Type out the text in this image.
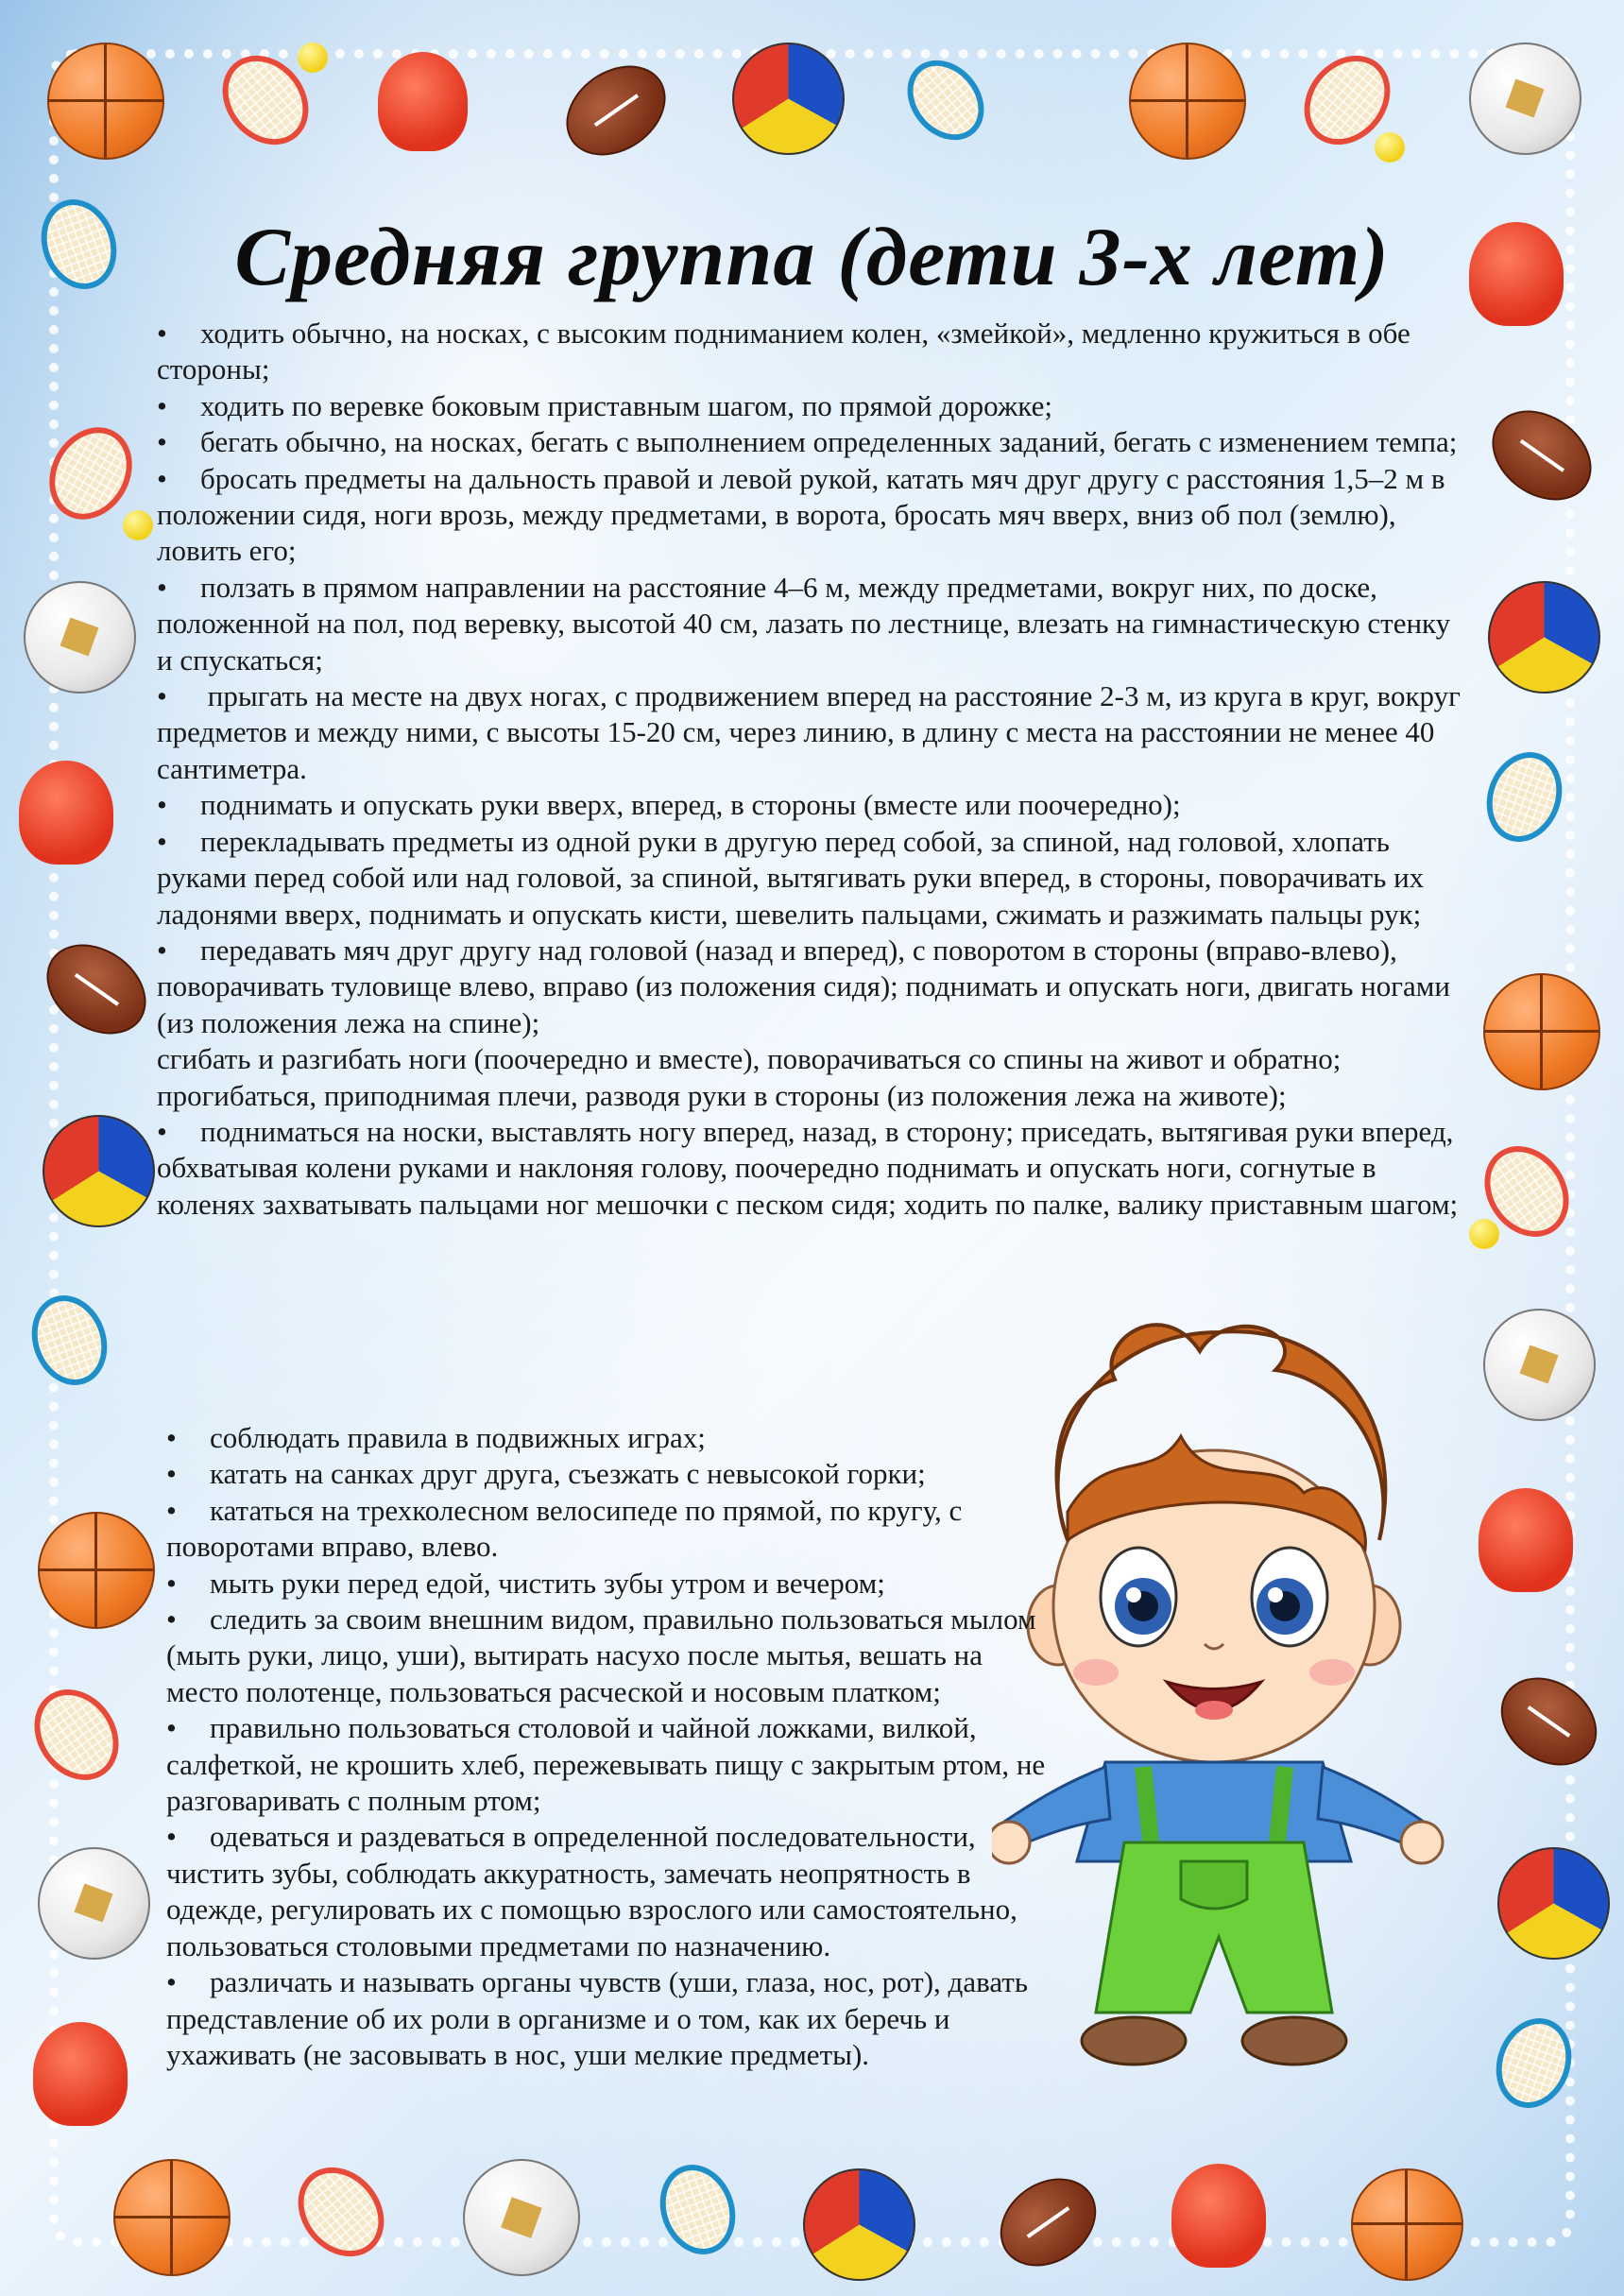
Средняя группа (дети 3-х лет)

• ходить обычно, на носках, с высоким подниманием колен, «змейкой», медленно кружиться в обе стороны;

• ходить по веревке боковым приставным шагом, по прямой дорожке;

• бегать обычно, на носках, бегать с выполнением определенных заданий, бегать с изменением темпа;

• бросать предметы на дальность правой и левой рукой, катать мяч друг другу с расстояния 1,5–2 м в положении сидя, ноги врозь, между предметами, в ворота, бросать мяч вверх, вниз об пол (землю), ловить его;

• ползать в прямом направлении на расстояние 4–6 м, между предметами, вокруг них, по доске, положенной на пол, под веревку, высотой 40 см, лазать по лестнице, влезать на гимнастическую стенку и спускаться;

• прыгать на месте на двух ногах, с продвижением вперед на расстояние 2-3 м, из круга в круг, вокруг предметов и между ними, с высоты 15-20 см, через линию, в длину с места на расстоянии не менее 40 сантиметра.

• поднимать и опускать руки вверх, вперед, в стороны (вместе или поочередно);

• перекладывать предметы из одной руки в другую перед собой, за спиной, над головой, хлопать руками перед собой или над головой, за спиной, вытягивать руки вперед, в стороны, поворачивать их ладонями вверх, поднимать и опускать кисти, шевелить пальцами, сжимать и разжимать пальцы рук;

• передавать мяч друг другу над головой (назад и вперед), с поворотом в стороны (вправо-влево), поворачивать туловище влево, вправо (из положения сидя); поднимать и опускать ноги, двигать ногами (из положения лежа на спине);

сгибать и разгибать ноги (поочередно и вместе), поворачиваться со спины на живот и обратно; прогибаться, приподнимая плечи, разводя руки в стороны (из положения лежа на животе);

• подниматься на носки, выставлять ногу вперед, назад, в сторону; приседать, вытягивая руки вперед, обхватывая колени руками и наклоняя голову, поочередно поднимать и опускать ноги, согнутые в коленях захватывать пальцами ног мешочки с песком сидя; ходить по палке, валику приставным шагом;

• соблюдать правила в подвижных играх;

• катать на санках друг друга, съезжать с невысокой горки;

• кататься на трехколесном велосипеде по прямой, по кругу, с поворотами вправо, влево.

• мыть руки перед едой, чистить зубы утром и вечером;

• следить за своим внешним видом, правильно пользоваться мылом (мыть руки, лицо, уши), вытирать насухо после мытья, вешать на место полотенце, пользоваться расческой и носовым платком;

• правильно пользоваться столовой и чайной ложками, вилкой, салфеткой, не крошить хлеб, пережевывать пищу с закрытым ртом, не разговаривать с полным ртом;

• одеваться и раздеваться в определенной последовательности, чистить зубы, соблюдать аккуратность, замечать неопрятность в одежде, регулировать их с помощью взрослого или самостоятельно, пользоваться столовыми предметами по назначению.

• различать и называть органы чувств (уши, глаза, нос, рот), давать представление об их роли в организме и о том, как их беречь и ухаживать (не засовывать в нос, уши мелкие предметы).
